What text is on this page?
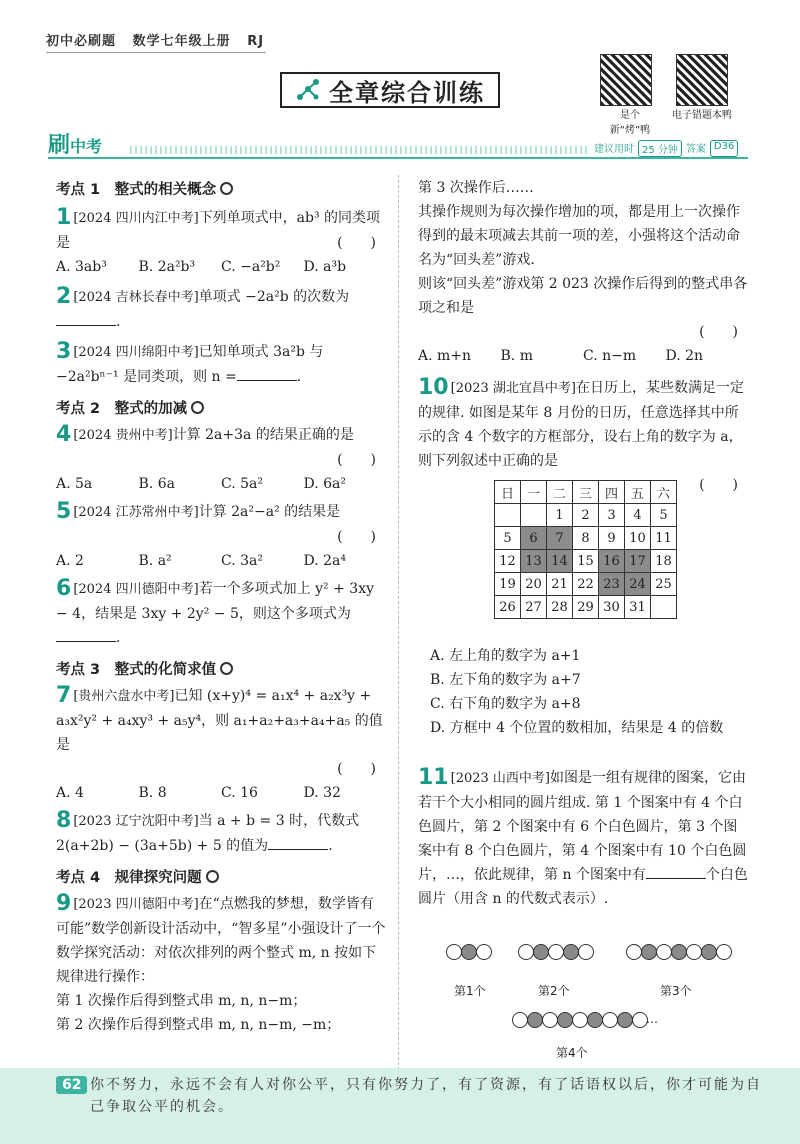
初中必刷题 数学七年级上册 RJ
全章综合训练
是个新“烤”鸭
电子错题本鸭
刷中考	建议用时 25 分钟 答案 D36
考点 1　整式的相关概念
1 [2024 四川内江中考]下列单项式中，ab³ 的同类项是	(　　)
A. 3ab³	B. 2a²b³	C. −a²b²	D. a³b
2 [2024 吉林长春中考]单项式 −2a²b 的次数为
.
3 [2024 四川绵阳中考]已知单项式 3a²b 与 −2a²bⁿ⁻¹ 是同类项，则 n =	.
考点 2　整式的加减
4 [2024 贵州中考]计算 2a+3a 的结果正确的是
(　　)
A. 5a	B. 6a	C. 5a²	D. 6a²
5 [2024 江苏常州中考]计算 2a²−a² 的结果是
(　　)
A. 2	B. a²	C. 3a²	D. 2a⁴
6 [2024 四川德阳中考]若一个多项式加上 y² + 3xy − 4，结果是 3xy + 2y² − 5，则这个多项式为.
考点 3　整式的化简求值
7 [贵州六盘水中考]已知 (x+y)⁴ = a₁x⁴ + a₂x³y + a₃x²y² + a₄xy³ + a₅y⁴，则 a₁+a₂+a₃+a₄+a₅ 的值是
(　　)
A. 4	B. 8	C. 16	D. 32
8 [2023 辽宁沈阳中考]当 a + b = 3 时，代数式 2(a+2b) − (3a+5b) + 5 的值为	.
考点 4　规律探究问题
9 [2023 四川德阳中考]在“点燃我的梦想，数学皆有可能”数学创新设计活动中，“智多星”小强设计了一个数学探究活动：对依次排列的两个整式 m, n 按如下规律进行操作：
第 1 次操作后得到整式串 m, n, n−m；
第 2 次操作后得到整式串 m, n, n−m, −m；
第 3 次操作后……
其操作规则为每次操作增加的项，都是用上一次操作得到的最末项减去其前一项的差，小强将这个活动命名为“回头差”游戏.
则该“回头差”游戏第 2 023 次操作后得到的整式串各项之和是
(　　)
A. m+n	B. m	C. n−m	D. 2n
10 [2023 湖北宜昌中考]在日历上，某些数满足一定的规律. 如图是某年 8 月份的日历，任意选择其中所示的含 4 个数字的方框部分，设右上角的数字为 a，则下列叙述中正确的是
(　　)
日	一	二	三	四	五	六
		1	2	3	4	5
5	6	7	8	9	10	11
12	13	14	15	16	17	18
19	20	21	22	23	24	25
26	27	28	29	30	31	
A. 左上角的数字为 a+1
B. 左下角的数字为 a+7
C. 右下角的数字为 a+8
D. 方框中 4 个位置的数相加，结果是 4 的倍数
11 [2023 山西中考]如图是一组有规律的图案，它由若干个大小相同的圆片组成. 第 1 个图案中有 4 个白色圆片，第 2 个图案中有 6 个白色圆片，第 3 个图案中有 8 个白色圆片，第 4 个图案中有 10 个白色圆片，…，依此规律，第 n 个图案中有	个白色圆片（用含 n 的代数式表示）.
第1个	第2个	第3个
…
第4个
62 你不努力，永远不会有人对你公平，只有你努力了，有了资源，有了话语权以后，你才可能为自己争取公平的机会。
